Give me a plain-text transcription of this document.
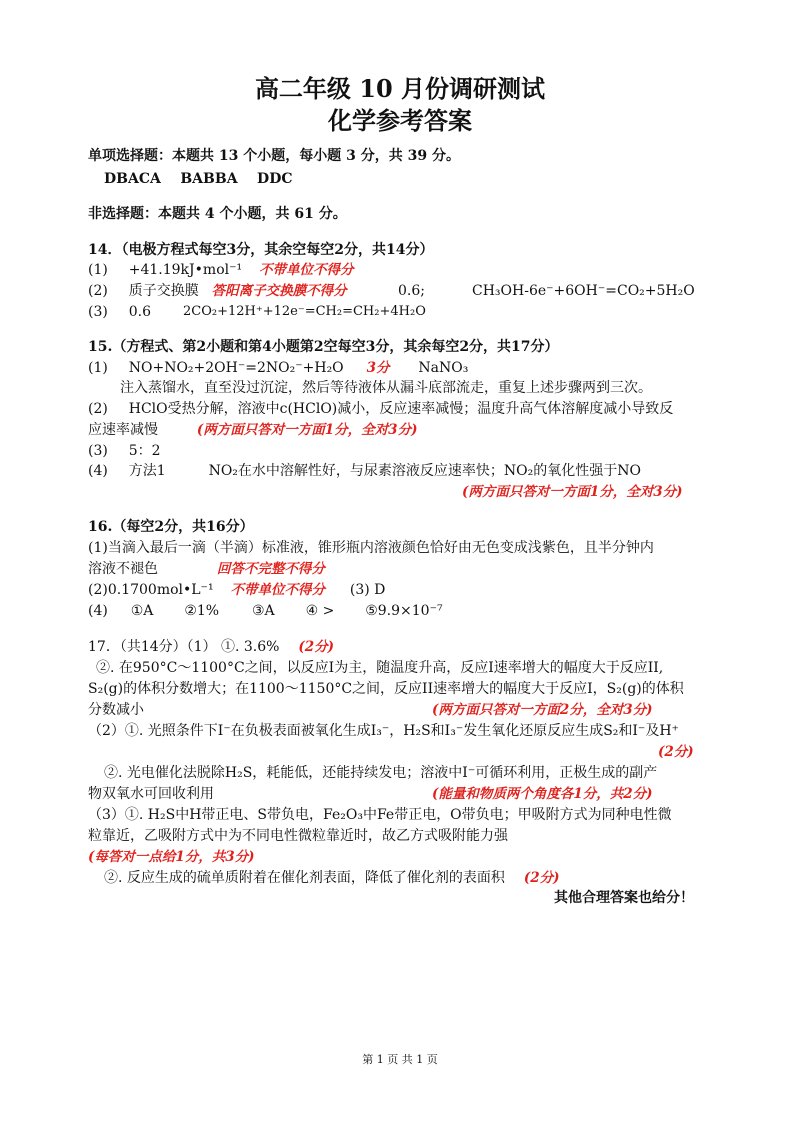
高二年级 10 月份调研测试
化学参考答案
单项选择题：本题共 13 个小题，每小题 3 分，共 39 分。
DBACA    BABBA    DDC
非选择题：本题共 4 个小题，共 61 分。
14．（电极方程式每空3分，其余空每空2分，共14分）
(1) +41.19kJ•mol⁻¹ 不带单位不得分
(2) 质子交换膜 答阳离子交换膜不得分	0.6;	CH₃OH-6e⁻+6OH⁻=CO₂+5H₂O
(3) 0.6 2CO₂+12H⁺+12e⁻=CH₂=CH₂+4H₂O
15.（方程式、第2小题和第4小题第2空每空3分，其余每空2分，共17分）
(1) NO+NO₂+2OH⁻=2NO₂⁻+H₂O 3分 NaNO₃
注入蒸馏水，直至没过沉淀，然后等待液体从漏斗底部流走，重复上述步骤两到三次。
(2) HClO受热分解，溶液中c(HClO)减小，反应速率减慢；温度升高气体溶解度减小导致反
应速率减慢	(两方面只答对一方面1分，全对3分)
(3) 5：2
(4) 方法1	NO₂在水中溶解性好，与尿素溶液反应速率快；NO₂的氧化性强于NO
(两方面只答对一方面1分，全对3分)
16.（每空2分，共16分）
(1)当滴入最后一滴（半滴）标准液，锥形瓶内溶液颜色恰好由无色变成浅紫色，且半分钟内
溶液不褪色	回答不完整不得分
(2)0.1700mol•L⁻¹ 不带单位不得分 (3) D
(4) ①A ②1% ③A ④ > ⑤9.9×10⁻⁷
17．（共14分）（1） ①. 3.6% (2分)
②. 在950°C～1100°C之间，以反应I为主，随温度升高，反应I速率增大的幅度大于反应II,
S₂(g)的体积分数增大；在1100～1150°C之间，反应II速率增大的幅度大于反应I，S₂(g)的体积
分数减小	(两方面只答对一方面2分，全对3分)
（2）①. 光照条件下I⁻在负极表面被氧化生成I₃⁻，H₂S和I₃⁻发生氧化还原反应生成S₂和I⁻及H⁺
(2分)
②. 光电催化法脱除H₂S，耗能低，还能持续发电；溶液中I⁻可循环利用，正极生成的副产
物双氧水可回收利用	(能量和物质两个角度各1分，共2分)
（3）①. H₂S中H带正电、S带负电，Fe₂O₃中Fe带正电，O带负电；甲吸附方式为同种电性微
粒靠近，乙吸附方式中为不同电性微粒靠近时，故乙方式吸附能力强
(每答对一点给1分，共3分)
②. 反应生成的硫单质附着在催化剂表面，降低了催化剂的表面积 (2分)
其他合理答案也给分！
第 1 页 共 1 页
